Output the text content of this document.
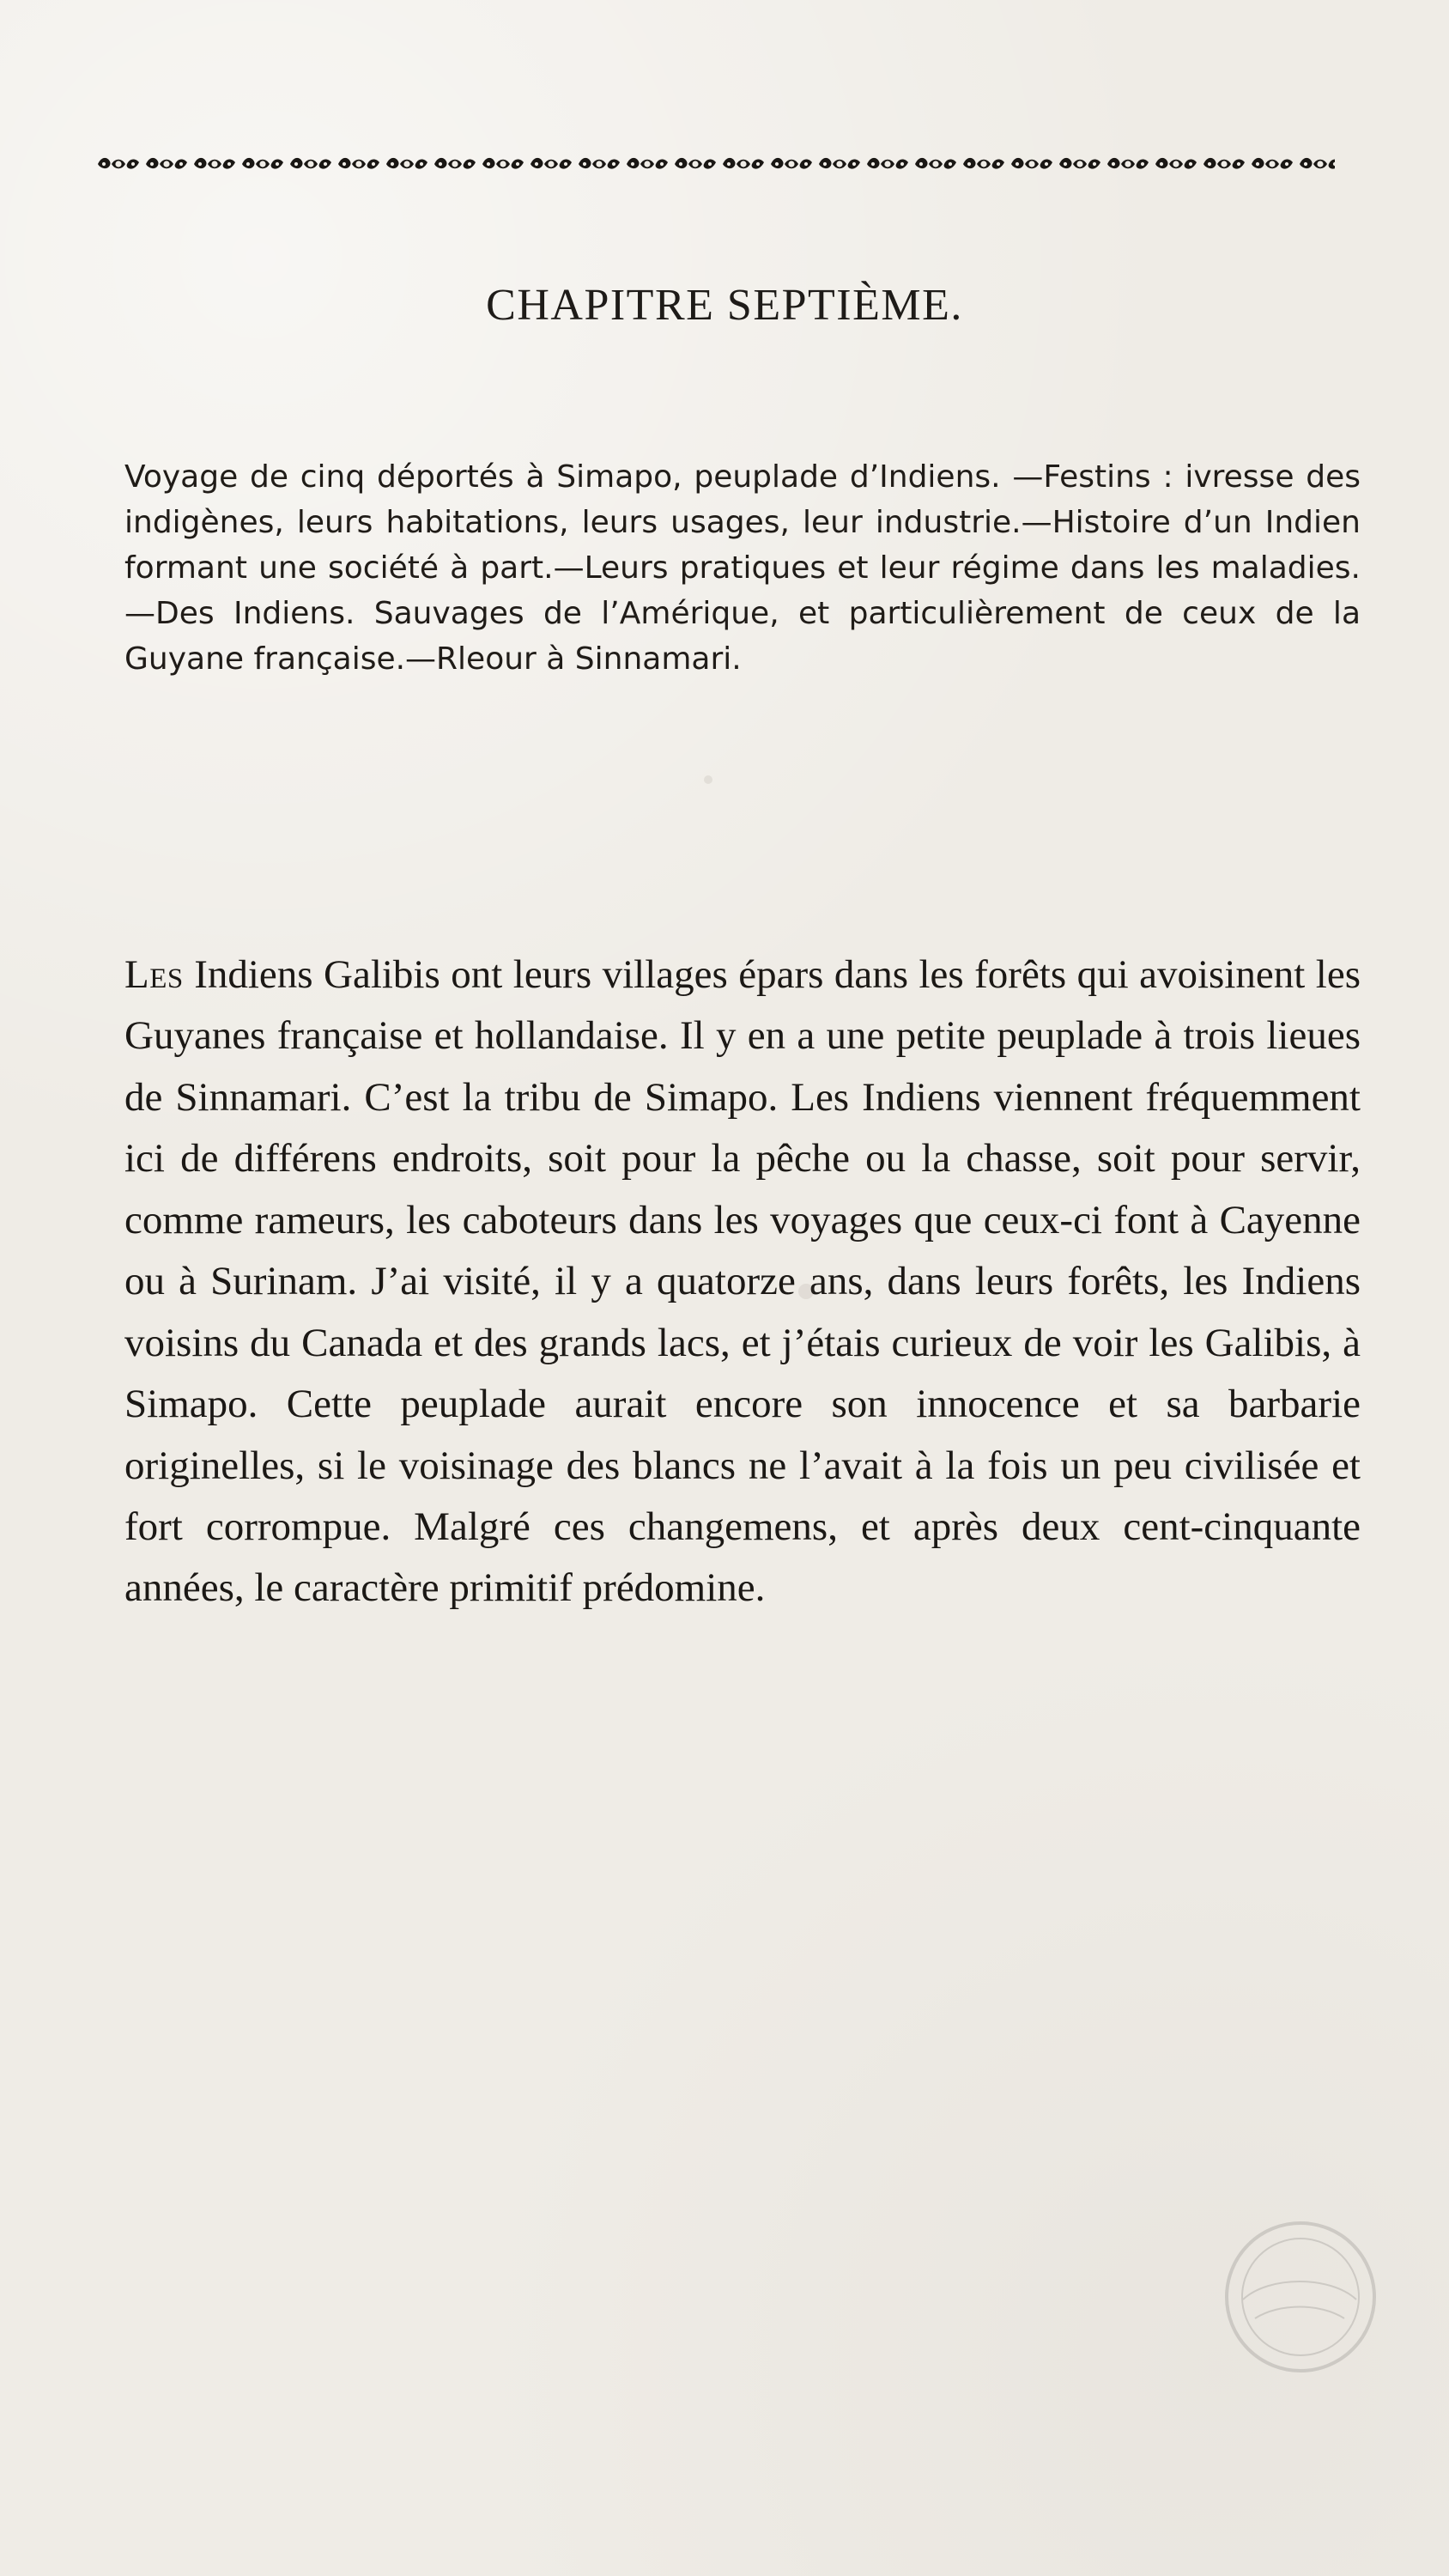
CHAPITRE SEPTIÈME.
Voyage de cinq déportés à Simapo, peuplade d’Indiens. —Festins : ivresse des indigènes, leurs habitations, leurs usages, leur industrie.—Histoire d’un Indien formant une société à part.—Leurs pratiques et leur régime dans les maladies.—Des Indiens. Sauvages de l’Amérique, et particulièrement de ceux de la Guyane française.—Rleour à Sinnamari.

Les Indiens Galibis ont leurs villages épars dans les forêts qui avoisinent les Guyanes française et hollandaise. Il y en a une petite peuplade à trois lieues de Sinnamari. C’est la tribu de Simapo. Les Indiens viennent fréquemment ici de différens endroits, soit pour la pêche ou la chasse, soit pour servir, comme rameurs, les caboteurs dans les voyages que ceux-ci font à Cayenne ou à Surinam. J’ai visité, il y a quatorze ans, dans leurs forêts, les Indiens voisins du Canada et des grands lacs, et j’étais curieux de voir les Galibis, à Simapo. Cette peuplade aurait encore son innocence et sa barbarie originelles, si le voisinage des blancs ne l’avait à la fois un peu civilisée et fort corrompue. Malgré ces changemens, et après deux cent-cinquante années, le caractère primitif prédomine.
